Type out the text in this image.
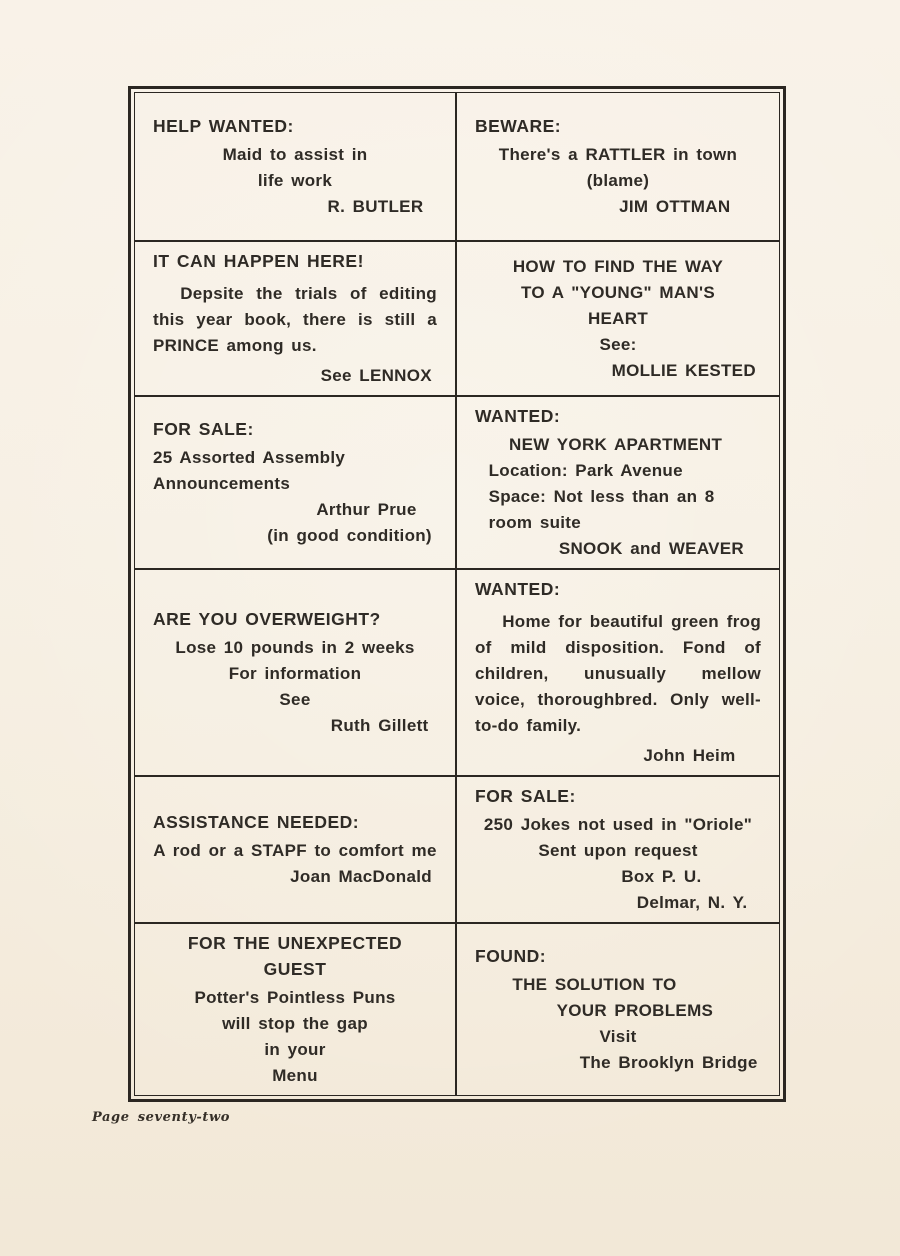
HELP WANTED:
Maid to assist in
life work
R. BUTLER
BEWARE:
There's a RATTLER in town
(blame)
JIM OTTMAN
IT CAN HAPPEN HERE!
Depsite the trials of editing this year book, there is still a PRINCE among us.
See LENNOX
HOW TO FIND THE WAY
TO A "YOUNG" MAN'S
HEART
See:
MOLLIE KESTED
FOR SALE:
25 Assorted Assembly Announcements
Arthur Prue
(in good condition)
WANTED:
NEW YORK APARTMENT
Location: Park Avenue
Space: Not less than an 8 room suite
SNOOK and WEAVER
ARE YOU OVERWEIGHT?
Lose 10 pounds in 2 weeks
For information
See
Ruth Gillett
WANTED:
Home for beautiful green frog of mild disposition. Fond of children, unusually mellow voice, thoroughbred. Only well-to-do family.
John Heim
ASSISTANCE NEEDED:
A rod or a STAPF to comfort me
Joan MacDonald
FOR SALE:
250 Jokes not used in "Oriole"
Sent upon request
Box P. U.
Delmar, N. Y.
FOR THE UNEXPECTED GUEST
Potter's Pointless Puns
will stop the gap
in your
Menu
FOUND:
THE SOLUTION TO
YOUR PROBLEMS
Visit
The Brooklyn Bridge
Page seventy-two
